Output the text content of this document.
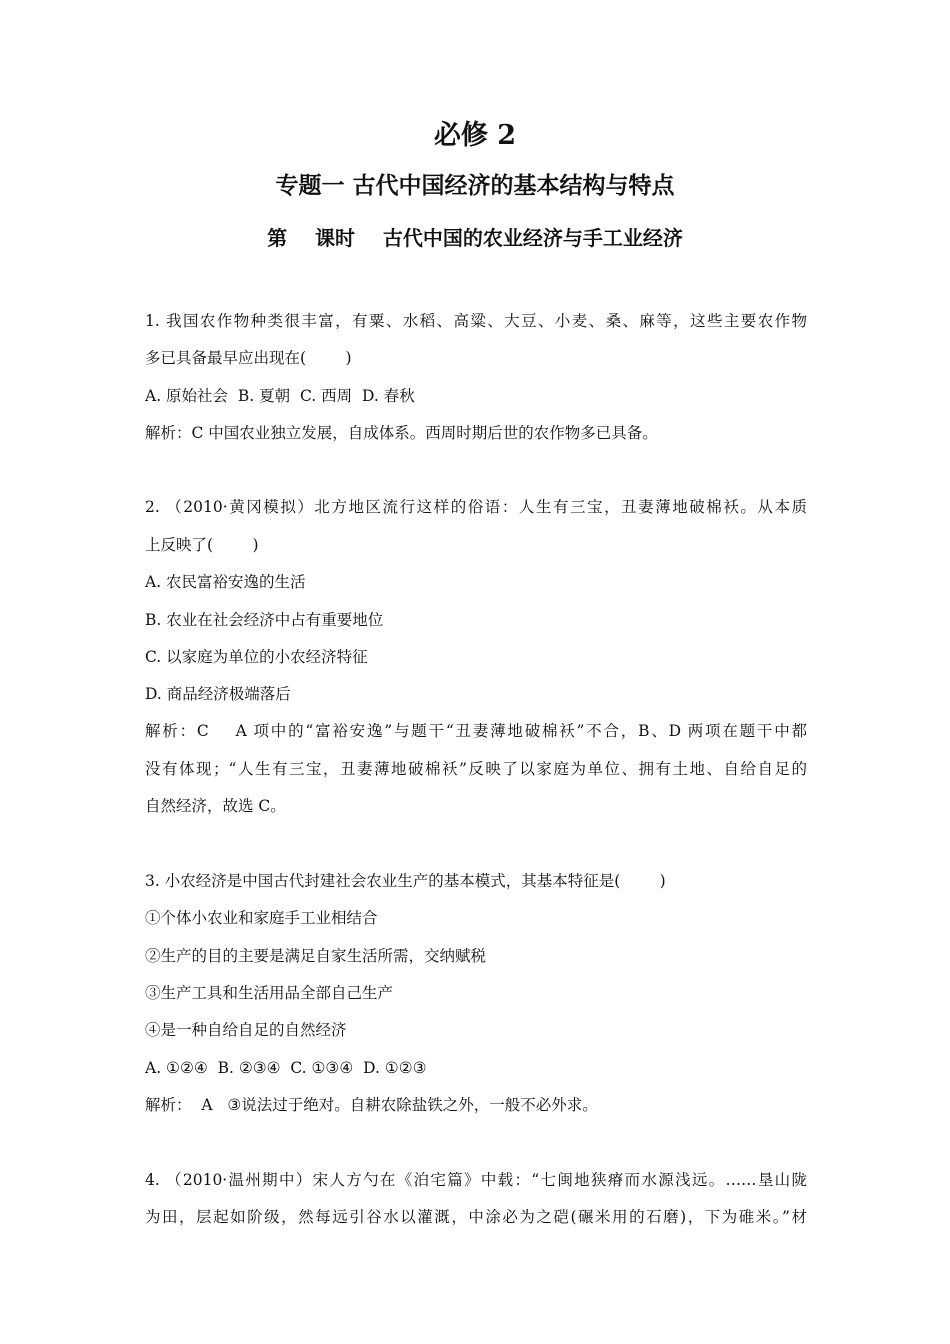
必修 2
专题一 古代中国经济的基本结构与特点
第    课时    古代中国的农业经济与手工业经济
1. 我国农作物种类很丰富，有粟、水稻、高粱、大豆、小麦、桑、麻等，这些主要农作物
多已具备最早应出现在(        )
A. 原始社会  B. 夏朝  C. 西周  D. 春秋
解析：C 中国农业独立发展，自成体系。西周时期后世的农作物多已具备。
2. （2010·黄冈模拟）北方地区流行这样的俗语：人生有三宝，丑妻薄地破棉袄。从本质
上反映了(        )
A. 农民富裕安逸的生活
B. 农业在社会经济中占有重要地位
C. 以家庭为单位的小农经济特征
D. 商品经济极端落后
解析：C    A 项中的“富裕安逸”与题干“丑妻薄地破棉袄”不合，B、D 两项在题干中都
没有体现；“人生有三宝，丑妻薄地破棉袄”反映了以家庭为单位、拥有土地、自给自足的
自然经济，故选 C。
3. 小农经济是中国古代封建社会农业生产的基本模式，其基本特征是(        )
①个体小农业和家庭手工业相结合
②生产的目的主要是满足自家生活所需，交纳赋税
③生产工具和生活用品全部自己生产
④是一种自给自足的自然经济
A. ①②④  B. ②③④  C. ①③④  D. ①②③
解析：  A   ③说法过于绝对。自耕农除盐铁之外，一般不必外求。
4. （2010·温州期中）宋人方勺在《泊宅篇》中载：“七闽地狭瘠而水源浅远。……垦山陇
为田，层起如阶级，然每远引谷水以灌溉，中涂必为之硙(碾米用的石磨)，下为碓米。”材
